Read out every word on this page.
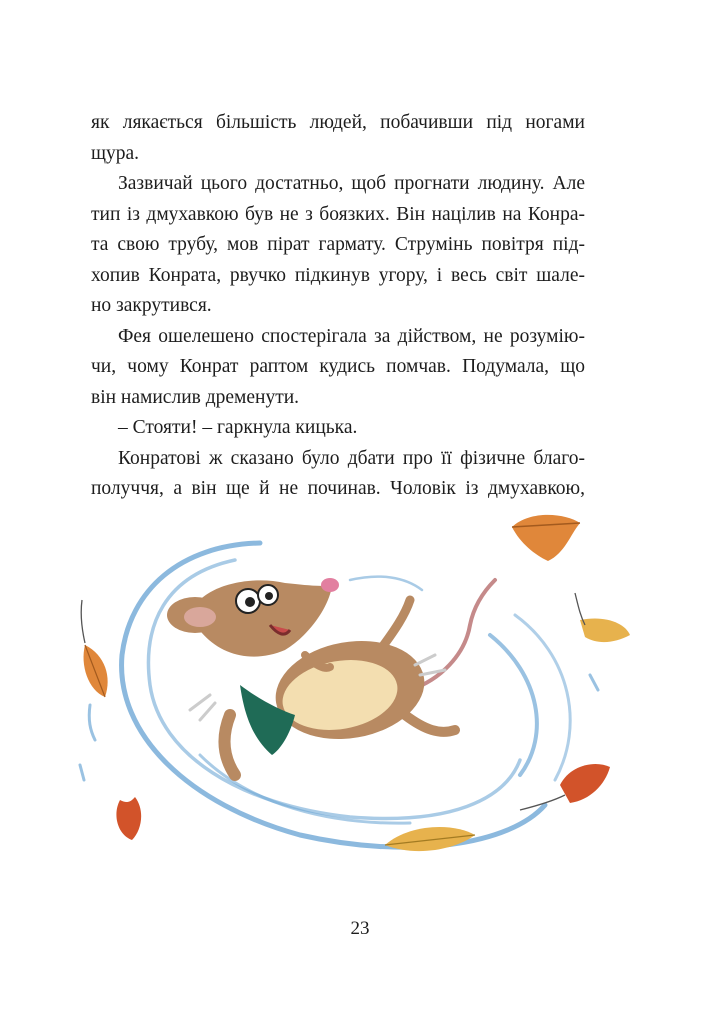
як лякається більшість людей, побачивши під ногами

щура.

Зазвичай цього достатньо, щоб прогнати людину. Але

тип із дмухавкою був не з боязких. Він націлив на Конра-

та свою трубу, мов пірат гармату. Струмінь повітря під-

хопив Конрата, рвучко підкинув угору, і весь світ шале-

но закрутився.

Фея ошелешено спостерігала за дійством, не розумію-

чи, чому Конрат раптом кудись помчав. Подумала, що

він намислив дременути.

– Стояти! – гаркнула кицька.

Конратові ж сказано було дбати про її фізичне благо-

получчя, а він ще й не починав. Чоловік із дмухавкою,

23
